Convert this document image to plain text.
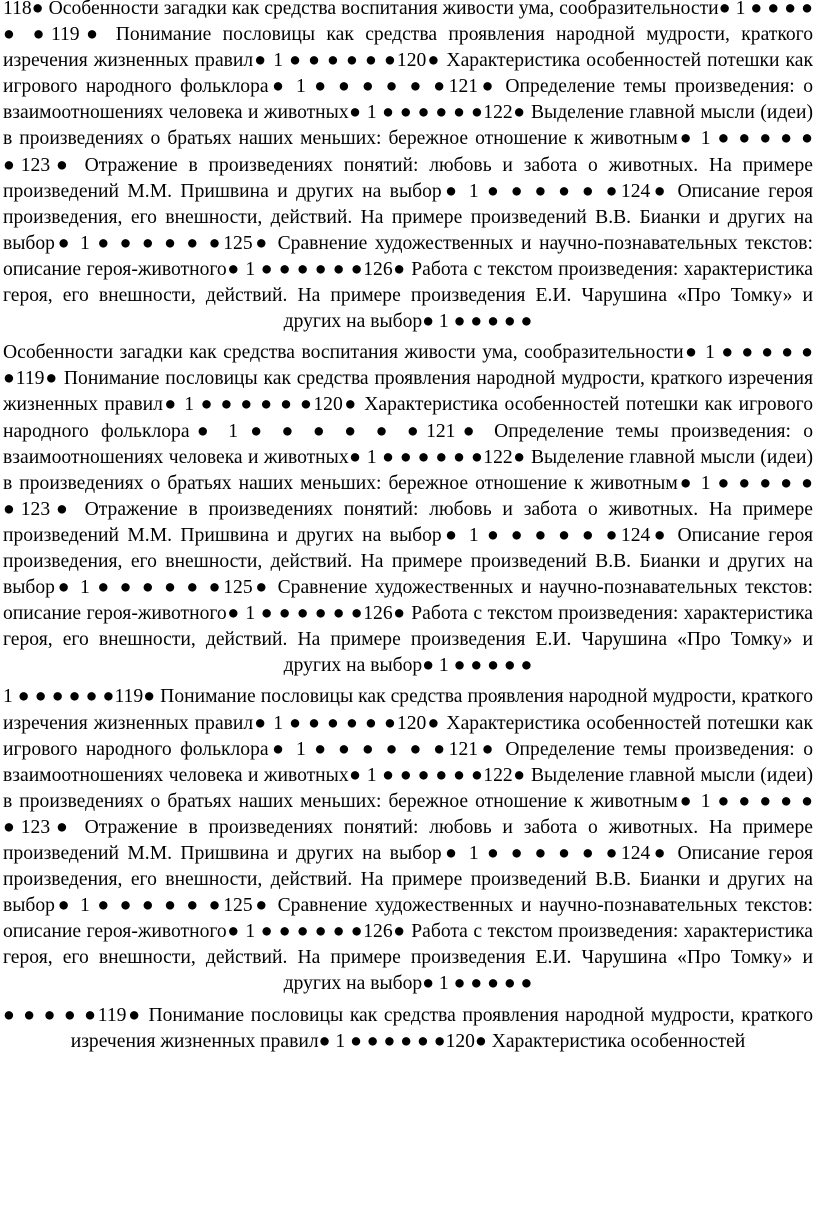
118● Особенности загадки как средства воспитания живости ума, сообразительности● 1 ● ● ● ● ● ●119● Понимание пословицы как средства проявления народной мудрости, краткого изречения жизненных правил● 1 ● ● ● ● ● ●120● Характеристика особенностей потешки как игрового народного фольклора● 1 ● ● ● ● ● ●121● Определение темы произведения: о взаимоотношениях человека и животных● 1 ● ● ● ● ● ●122● Выделение главной мысли (идеи) в произведениях о братьях наших меньших: бережное отношение к животным● 1 ● ● ● ● ● ●123● Отражение в произведениях понятий: любовь и забота о животных. На примере произведений М.М. Пришвина и других на выбор● 1 ● ● ● ● ● ●124● Описание героя произведения, его внешности, действий. На примере произведений В.В. Бианки и других на выбор● 1 ● ● ● ● ● ●125● Сравнение художественных и научно-познавательных текстов: описание героя-животного● 1 ● ● ● ● ● ●126● Работа с текстом произведения: характеристика героя, его внешности, действий. На примере произведения Е.И. Чарушина «Про Томку» и других на выбор● 1 ● ● ● ● ●

Особенности загадки как средства воспитания живости ума, сообразительности● 1 ● ● ● ● ● ●119● Понимание пословицы как средства проявления народной мудрости, краткого изречения жизненных правил● 1 ● ● ● ● ● ●120● Характеристика особенностей потешки как игрового народного фольклора● 1 ● ● ● ● ● ●121● Определение темы произведения: о взаимоотношениях человека и животных● 1 ● ● ● ● ● ●122● Выделение главной мысли (идеи) в произведениях о братьях наших меньших: бережное отношение к животным● 1 ● ● ● ● ● ●123● Отражение в произведениях понятий: любовь и забота о животных. На примере произведений М.М. Пришвина и других на выбор● 1 ● ● ● ● ● ●124● Описание героя произведения, его внешности, действий. На примере произведений В.В. Бианки и других на выбор● 1 ● ● ● ● ● ●125● Сравнение художественных и научно-познавательных текстов: описание героя-животного● 1 ● ● ● ● ● ●126● Работа с текстом произведения: характеристика героя, его внешности, действий. На примере произведения Е.И. Чарушина «Про Томку» и других на выбор● 1 ● ● ● ● ●

1 ● ● ● ● ● ●119● Понимание пословицы как средства проявления народной мудрости, краткого изречения жизненных правил● 1 ● ● ● ● ● ●120● Характеристика особенностей потешки как игрового народного фольклора● 1 ● ● ● ● ● ●121● Определение темы произведения: о взаимоотношениях человека и животных● 1 ● ● ● ● ● ●122● Выделение главной мысли (идеи) в произведениях о братьях наших меньших: бережное отношение к животным● 1 ● ● ● ● ● ●123● Отражение в произведениях понятий: любовь и забота о животных. На примере произведений М.М. Пришвина и других на выбор● 1 ● ● ● ● ● ●124● Описание героя произведения, его внешности, действий. На примере произведений В.В. Бианки и других на выбор● 1 ● ● ● ● ● ●125● Сравнение художественных и научно-познавательных текстов: описание героя-животного● 1 ● ● ● ● ● ●126● Работа с текстом произведения: характеристика героя, его внешности, действий. На примере произведения Е.И. Чарушина «Про Томку» и других на выбор● 1 ● ● ● ● ●

● ● ● ● ●119● Понимание пословицы как средства проявления народной мудрости, краткого изречения жизненных правил● 1 ● ● ● ● ● ●120● Характеристика особенностей
